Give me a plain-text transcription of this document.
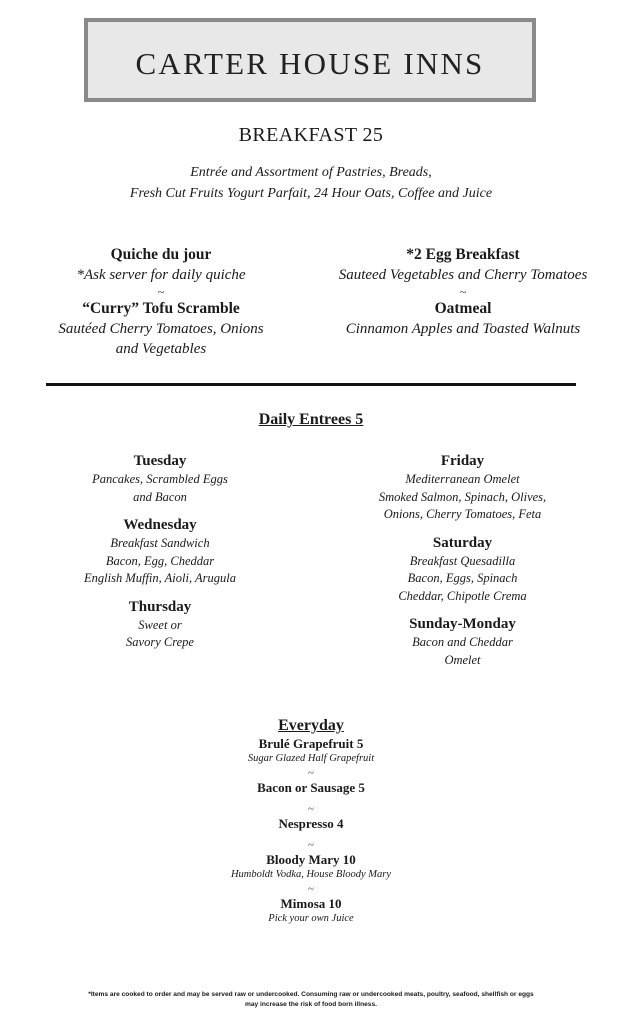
CARTER HOUSE INNS
BREAKFAST 25
Entrée and Assortment of Pastries, Breads,
Fresh Cut Fruits Yogurt Parfait, 24 Hour Oats, Coffee and Juice
Quiche du jour
*Ask server for daily quiche
~
“Curry” Tofu Scramble
Sautéed Cherry Tomatoes, Onions
and Vegetables
*2 Egg Breakfast
Sauteed Vegetables and Cherry Tomatoes
~
Oatmeal
Cinnamon Apples and Toasted Walnuts
Daily Entrees 5
Tuesday
Pancakes, Scrambled Eggs
and Bacon
Wednesday
Breakfast Sandwich
Bacon, Egg, Cheddar
English Muffin, Aioli, Arugula
Thursday
Sweet or
Savory Crepe
Friday
Mediterranean Omelet
Smoked Salmon, Spinach, Olives,
Onions, Cherry Tomatoes, Feta
Saturday
Breakfast Quesadilla
Bacon, Eggs, Spinach
Cheddar, Chipotle Crema
Sunday-Monday
Bacon and Cheddar
Omelet
Everyday
Brulé Grapefruit 5
Sugar Glazed Half Grapefruit
~
Bacon or Sausage 5
~
Nespresso 4
~
Bloody Mary 10
Humboldt Vodka, House Bloody Mary
~
Mimosa 10
Pick your own Juice
*Items are cooked to order and may be served raw or undercooked. Consuming raw or undercooked meats, poultry, seafood, shellfish or eggs
may increase the risk of food born illness.
